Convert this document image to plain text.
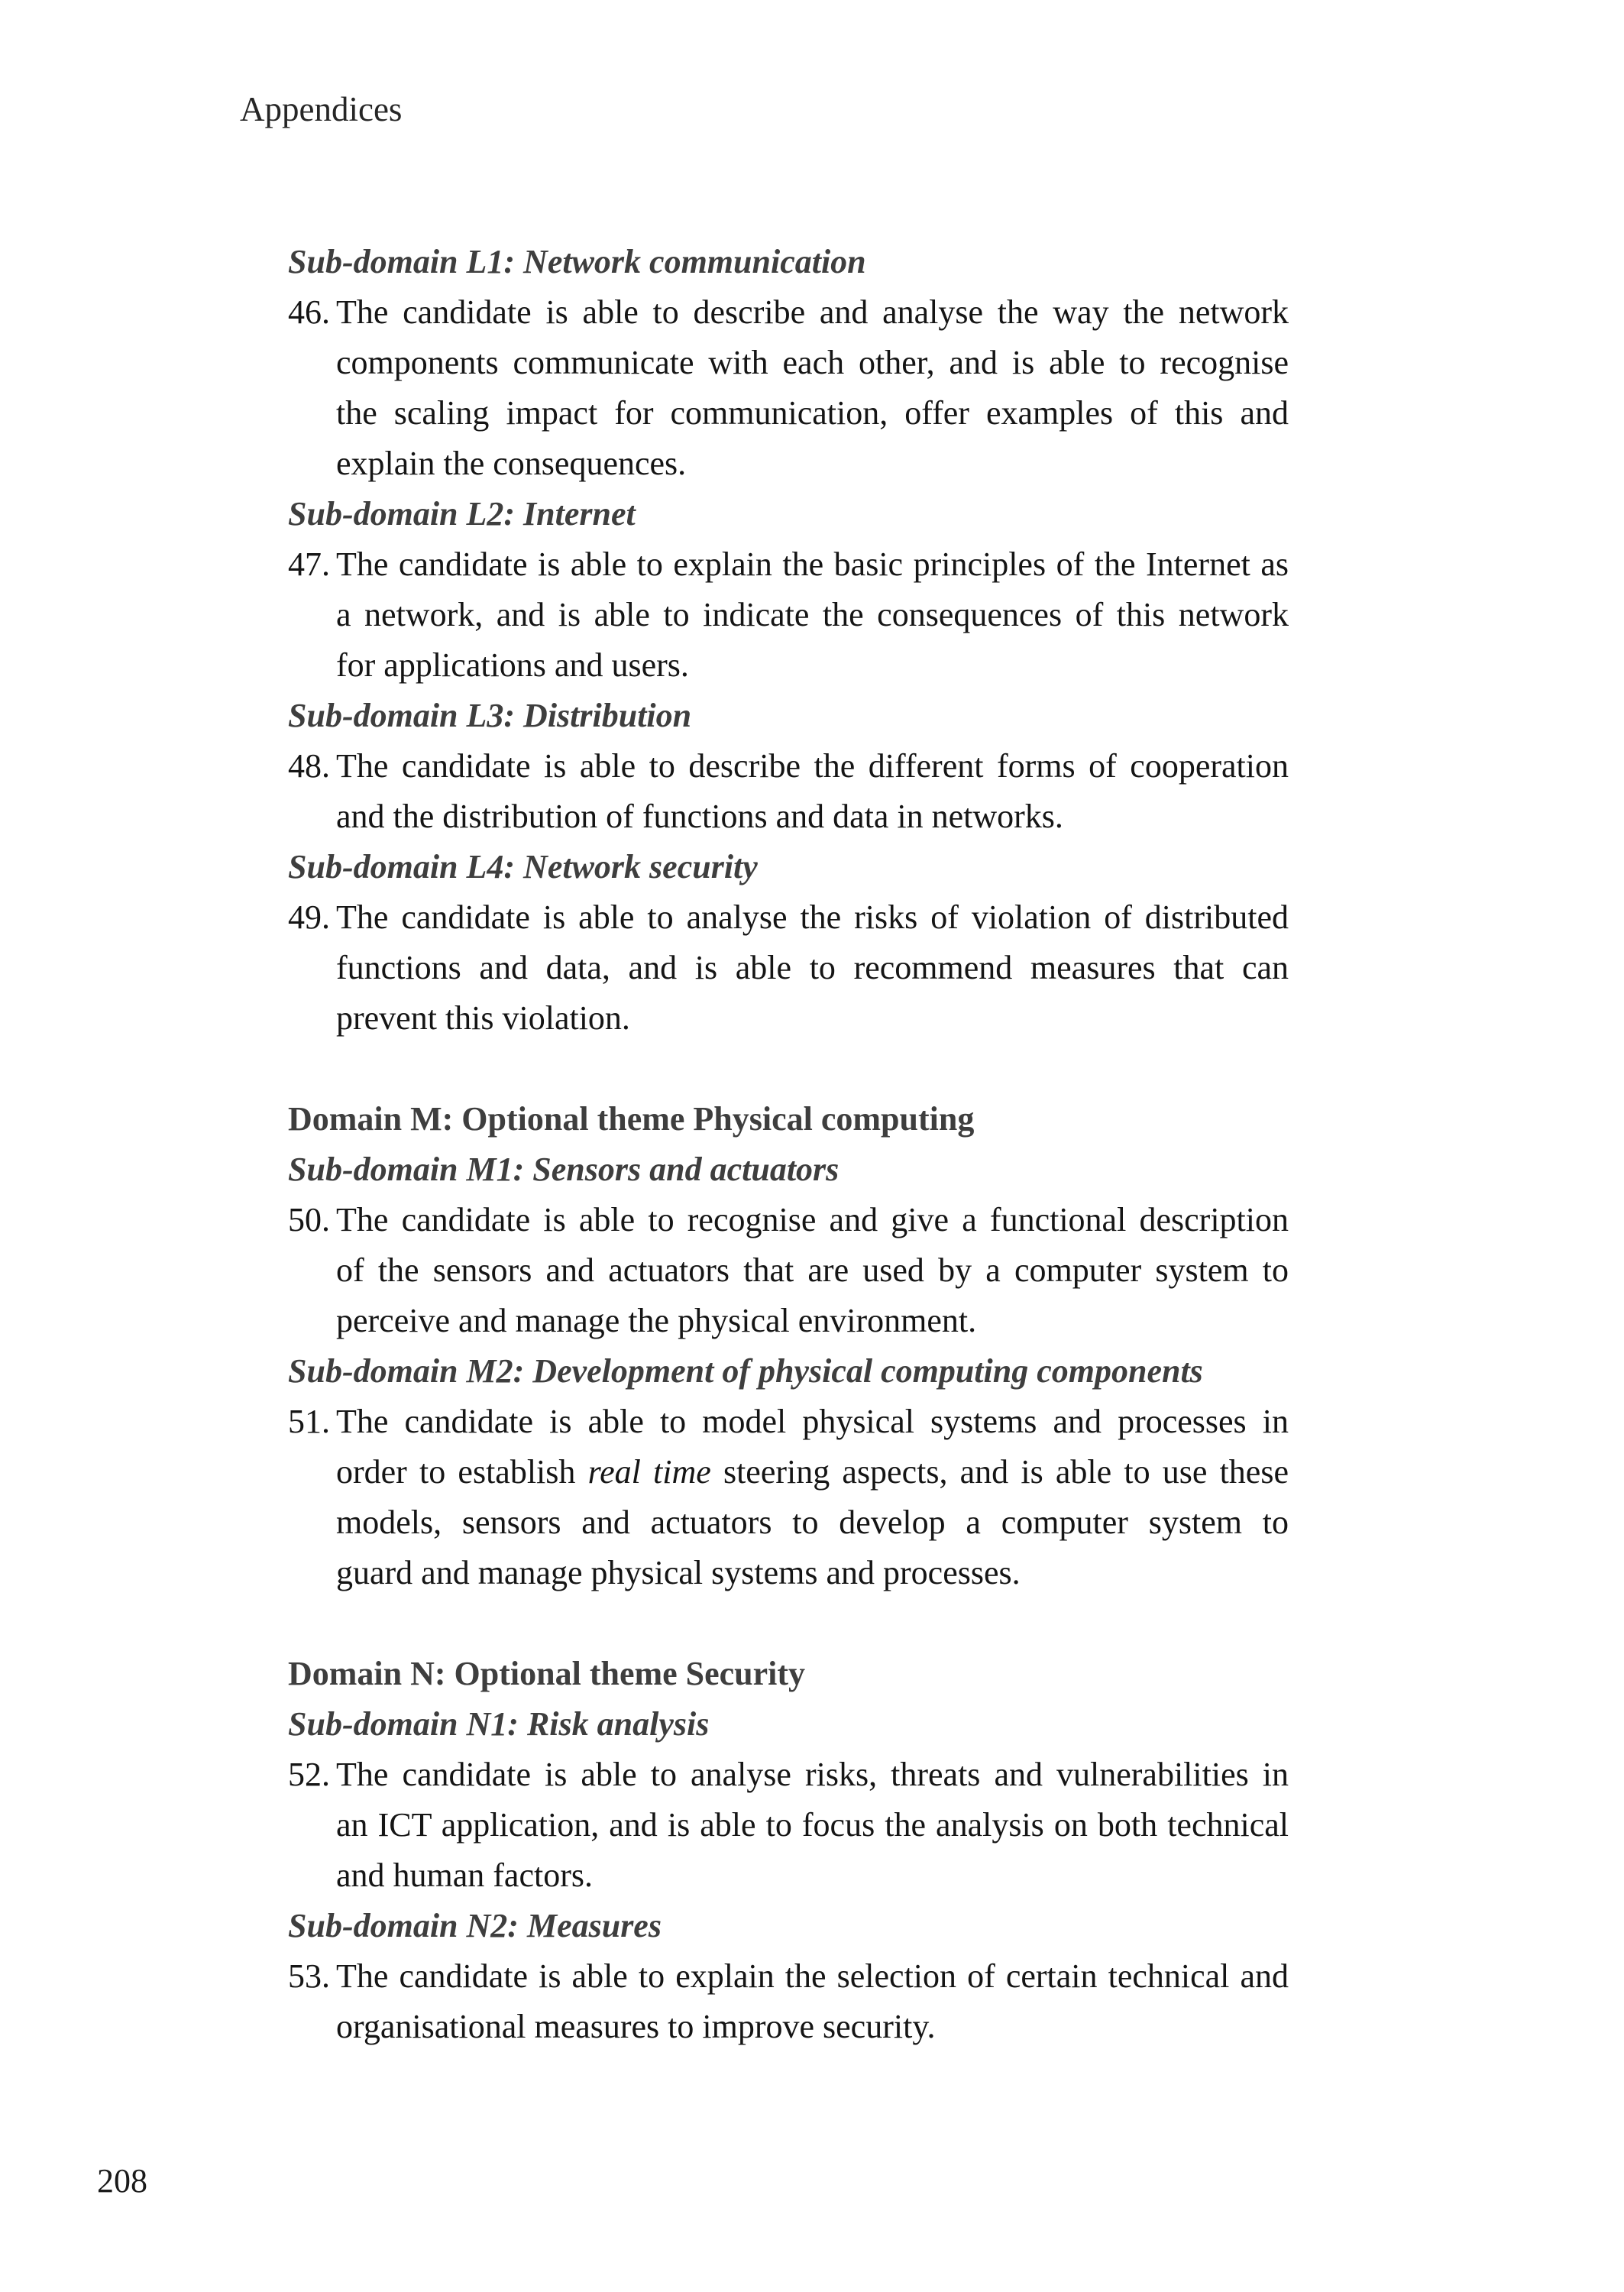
Appendices
Sub-domain L1: Network communication
46. The candidate is able to describe and analyse the way the network
components communicate with each other, and is able to recognise
the scaling impact for communication, offer examples of this and
explain the consequences.
Sub-domain L2: Internet
47. The candidate is able to explain the basic principles of the Internet as
a network, and is able to indicate the consequences of this network
for applications and users.
Sub-domain L3: Distribution
48. The candidate is able to describe the different forms of cooperation
and the distribution of functions and data in networks.
Sub-domain L4: Network security
49. The candidate is able to analyse the risks of violation of distributed
functions and data, and is able to recommend measures that can
prevent this violation.
Domain M: Optional theme Physical computing
Sub-domain M1: Sensors and actuators
50. The candidate is able to recognise and give a functional description
of the sensors and actuators that are used by a computer system to
perceive and manage the physical environment.
Sub-domain M2: Development of physical computing components
51. The candidate is able to model physical systems and processes in
order to establish real time steering aspects, and is able to use these
models, sensors and actuators to develop a computer system to
guard and manage physical systems and processes.
Domain N: Optional theme Security
Sub-domain N1: Risk analysis
52. The candidate is able to analyse risks, threats and vulnerabilities in
an ICT application, and is able to focus the analysis on both technical
and human factors.
Sub-domain N2: Measures
53. The candidate is able to explain the selection of certain technical and
organisational measures to improve security.
208
